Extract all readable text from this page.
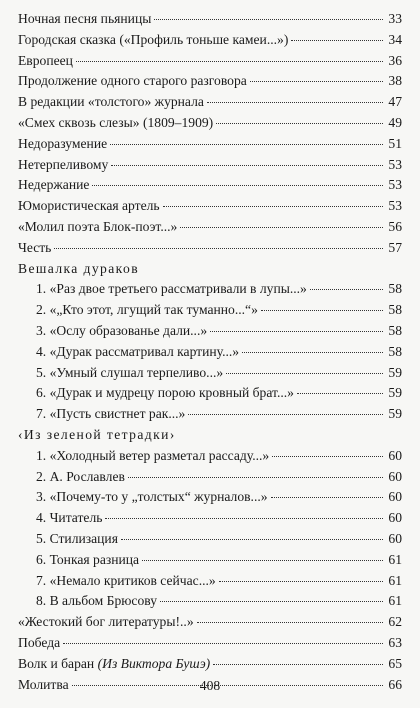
Ночная песня пьяницы	33
Городская сказка («Профиль тоньше камеи...»)	34
Европеец	36
Продолжение одного старого разговора	38
В редакции «толстого» журнала	47
«Смех сквозь слезы» (1809–1909)	49
Недоразумение	51
Нетерпеливому	53
Недержание	53
Юмористическая артель	53
«Молил поэта Блок-поэт...»	56
Честь	57
Вешалка дураков
1. «Раз двое третьего рассматривали в лупы...»	58
2. «„Кто этот, лгущий так туманно...“»	58
3. «Ослу образованье дали...»	58
4. «Дурак рассматривал картину...»	58
5. «Умный слушал терпеливо...»	59
6. «Дурак и мудрецу порою кровный брат...»	59
7. «Пусть свистнет рак...»	59
‹Из зеленой тетрадки›
1. «Холодный ветер разметал рассаду...»	60
2. А. Рославлев	60
3. «Почему-то у „толстых“ журналов...»	60
4. Читатель	60
5. Стилизация	60
6. Тонкая разница	61
7. «Немало критиков сейчас...»	61
8. В альбом Брюсову	61
«Жестокий бог литературы!..»	62
Победа	63
Волк и баран (Из Виктора Бушэ)	65
Молитва	66
408
